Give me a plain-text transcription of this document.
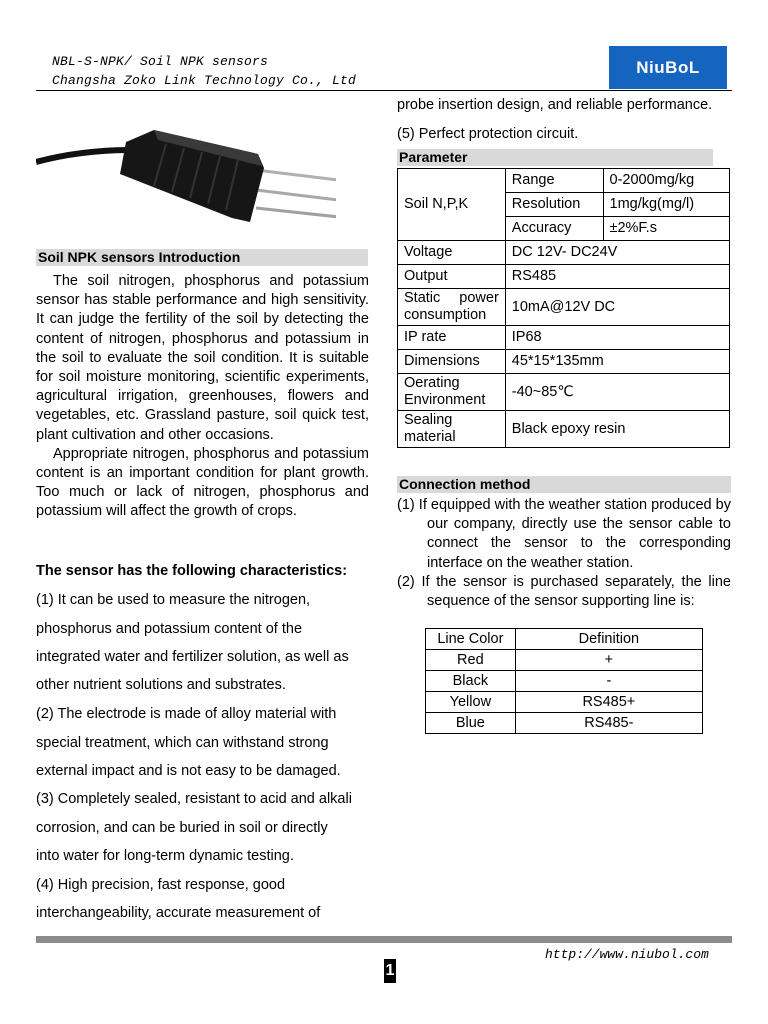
NBL-S-NPK/ Soil NPK sensors
Changsha Zoko Link Technology Co., Ltd
NiuBoL
Soil NPK sensors Introduction

The soil nitrogen, phosphorus and potassium sensor has stable performance and high sensitivity. It can judge the fertility of the soil by detecting the content of nitrogen, phosphorus and potassium in the soil to evaluate the soil condition. It is suitable for soil moisture monitoring, scientific experiments, agricultural irrigation, greenhouses, flowers and vegetables, etc. Grassland pasture, soil quick test, plant cultivation and other occasions.

Appropriate nitrogen, phosphorus and potassium content is an important condition for plant growth. Too much or lack of nitrogen, phosphorus and potassium will affect the growth of crops.

The sensor has the following characteristics:
(1) It can be used to measure the nitrogen,
phosphorus and potassium content of the
integrated water and fertilizer solution, as well as
other nutrient solutions and substrates.
(2) The electrode is made of alloy material with
special treatment, which can withstand strong
external impact and is not easy to be damaged.
(3) Completely sealed, resistant to acid and alkali
corrosion, and can be buried in soil or directly
into water for long-term dynamic testing.
(4) High precision, fast response, good
interchangeability, accurate measurement of
probe insertion design, and reliable performance.
(5) Perfect protection circuit.
Parameter
Soil N,P,K	Range	0-2000mg/kg
	Resolution	1mg/kg(mg/l)
	Accuracy	±2%F.s
Voltage	DC 12V- DC24V	
Output	RS485	
Static power consumption	10mA@12V DC	
IP rate	IP68	
Dimensions	45*15*135mm	
Oerating Environment	-40~85℃	
Sealing material	Black epoxy resin	
Connection method
(1) If equipped with the weather station produced by our company, directly use the sensor cable to connect the sensor to the corresponding interface on the weather station.
(2) If the sensor is purchased separately, the line sequence of the sensor supporting line is:
Line Color	Definition
Red	+
Black	-
Yellow	RS485+
Blue	RS485-
http://www.niubol.com
1
